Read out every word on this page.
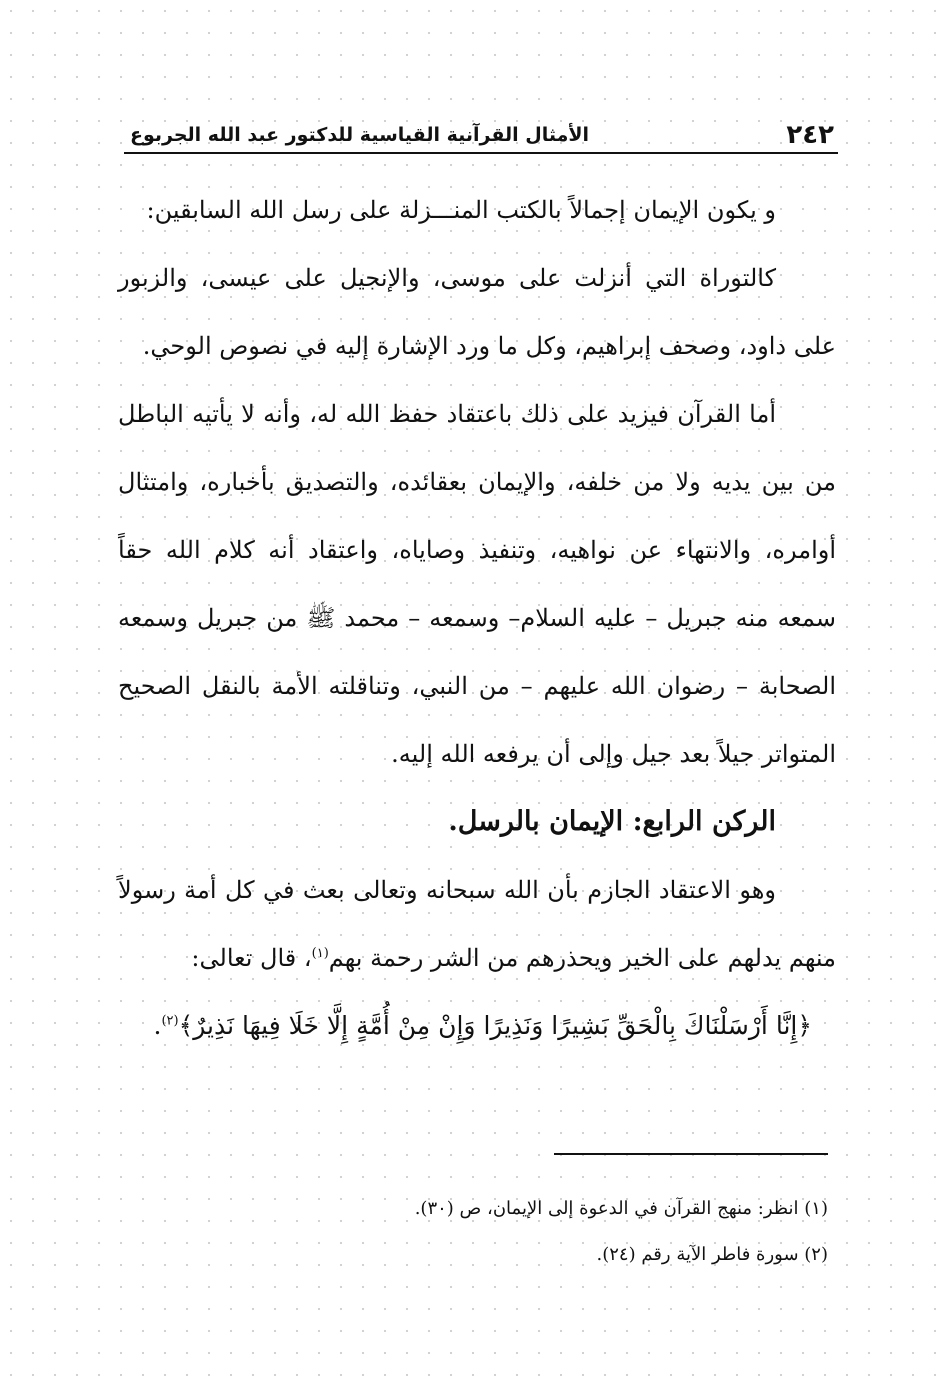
٢٤٢
الأمثال القرآنية القياسية للدكتور عبد الله الجربوع

و يكون الإيمان إجمالاً بالكتب المنـــزلة على رسل الله السابقين:

كالتوراة التي أنزلت على موسى، والإنجيل على عيسى، والزبور على داود، وصحف إبراهيم، وكل ما ورد الإشارة إليه في نصوص الوحي.

أما القرآن فيزيد على ذلك باعتقاد حفظ الله له، وأنه لا يأتيه الباطل من بين يديه ولا من خلفه، والإيمان بعقائده، والتصديق بأخباره، وامتثال أوامره، والانتهاء عن نواهيه، وتنفيذ وصاياه، واعتقاد أنه كلام الله حقاً سمعه منه جبريل – عليه السلام– وسمعه – محمد ﷺ من جبريل وسمعه الصحابة – رضوان الله عليهم – من النبي، وتناقلته الأمة بالنقل الصحيح المتواتر جيلاً بعد جيل وإلى أن يرفعه الله إليه.

الركن الرابع: الإيمان بالرسل.

وهو الاعتقاد الجازم بأن الله سبحانه وتعالى بعث في كل أمة رسولاً منهم يدلهم على الخير ويحذرهم من الشر رحمة بهم$^{(١)}$، قال تعالى:

﴿إِنَّا أَرْسَلْنَاكَ بِالْحَقِّ بَشِيرًا وَنَذِيرًا وَإِنْ مِنْ أُمَّةٍ إِلَّا خَلَا فِيهَا نَذِيرٌ﴾$^{(٢)}$.

(١) انظر: منهج القرآن في الدعوة إلى الإيمان، ص (٣٠).
(٢) سورة فاطر الآية رقم (٢٤).
